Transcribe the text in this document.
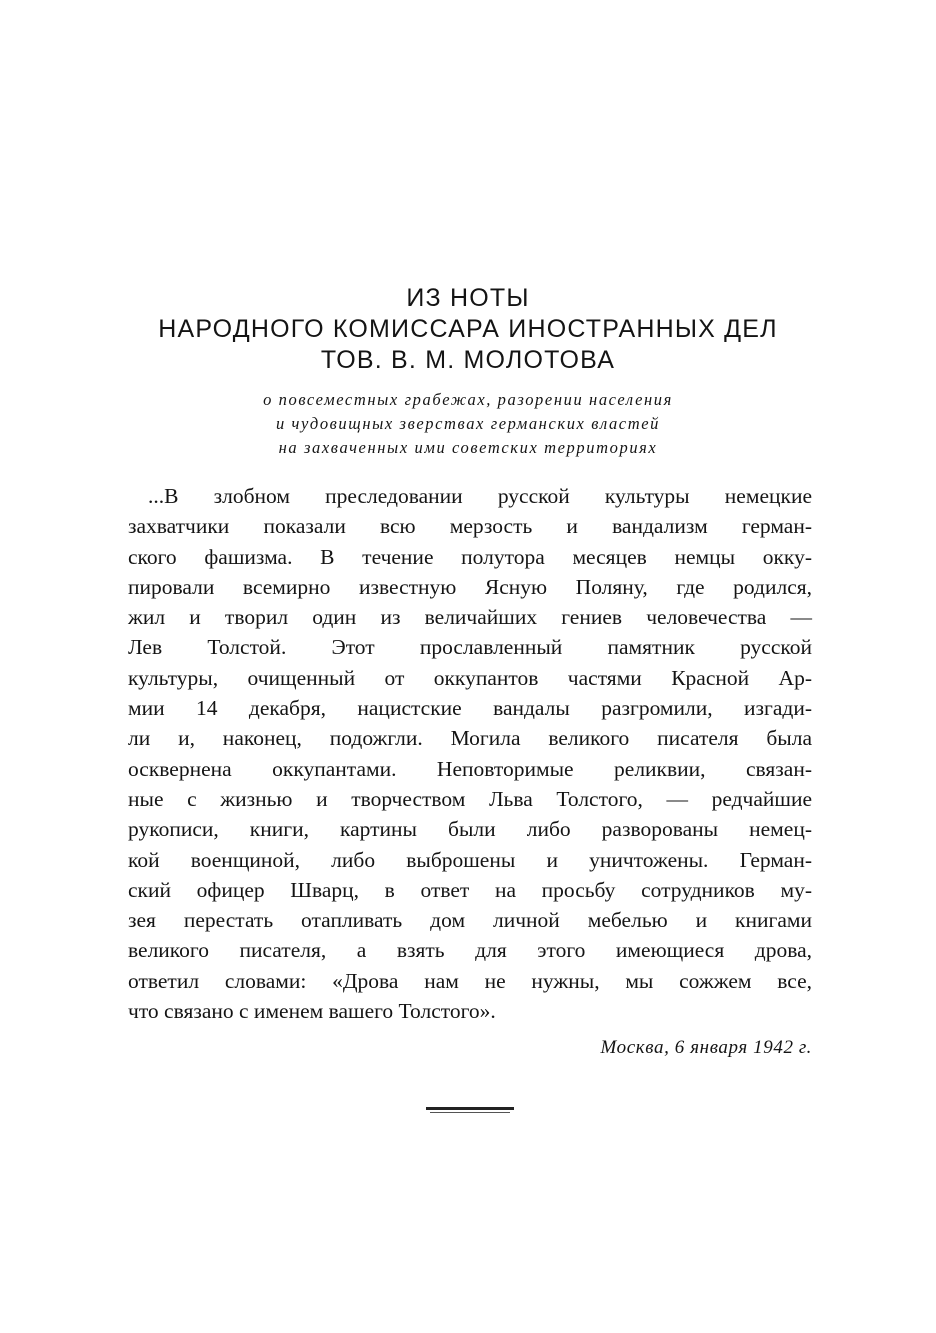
ИЗ НОТЫ
НАРОДНОГО КОМИССАРА ИНОСТРАННЫХ ДЕЛ
ТОВ. В. М. МОЛОТОВА
о повсеместных грабежах, разорении населения
и чудовищных зверствах германских властей
на захваченных ими советских территориях
...В злобном преследовании русской культуры немецкие
захватчики показали всю мерзость и вандализм герман-
ского фашизма. В течение полутора месяцев немцы окку-
пировали всемирно известную Ясную Поляну, где родился,
жил и творил один из величайших гениев человечества —
Лев Толстой. Этот прославленный памятник русской
культуры, очищенный от оккупантов частями Красной Ар-
мии 14 декабря, нацистские вандалы разгромили, изгади-
ли и, наконец, подожгли. Могила великого писателя была
осквернена оккупантами. Неповторимые реликвии, связан-
ные с жизнью и творчеством Льва Толстого, — редчайшие
рукописи, книги, картины были либо разворованы немец-
кой военщиной, либо выброшены и уничтожены. Герман-
ский офицер Шварц, в ответ на просьбу сотрудников му-
зея перестать отапливать дом личной мебелью и книгами
великого писателя, а взять для этого имеющиеся дрова,
ответил словами: «Дрова нам не нужны, мы сожжем все,
что связано с именем вашего Толстого».
Москва, 6 января 1942 г.
